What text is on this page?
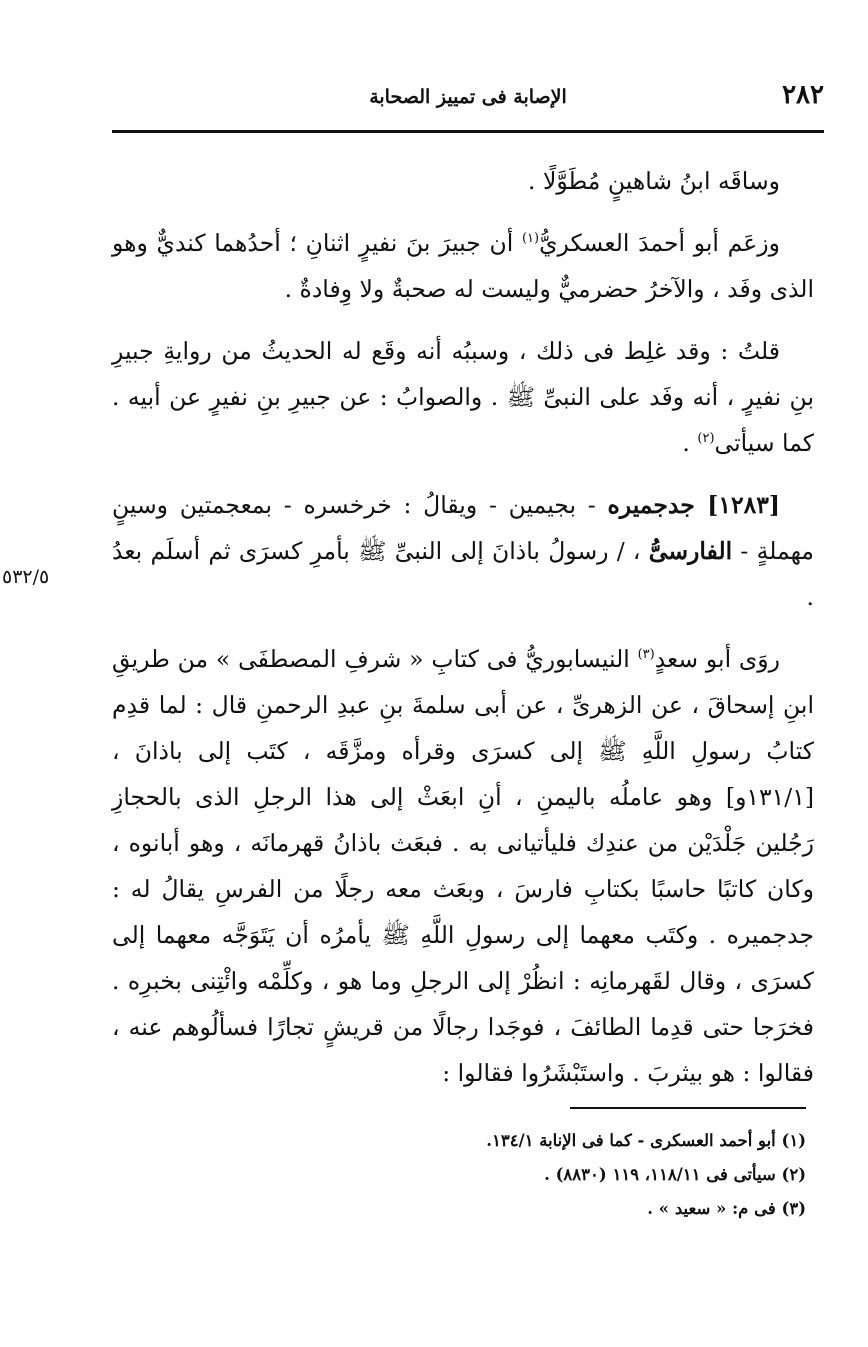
٢٨٢
الإصابة فى تمييز الصحابة
٥٣٢/٥

وساقَه ابنُ شاهينٍ مُطَوَّلًا .

وزعَم أبو أحمدَ العسكريُّ$^{(١)}$ أن جبيرَ بنَ نفيرٍ اثنانِ ؛ أحدُهما كنديٌّ وهو الذى وفَد ، والآخرُ حضرميٌّ وليست له صحبةٌ ولا وِفادةٌ .

قلتُ : وقد غلِط فى ذلك ، وسببُه أنه وقَع له الحديثُ من روايةِ جبيرِ بنِ نفيرٍ ، أنه وفَد على النبىِّ ﷺ . والصوابُ : عن جبيرِ بنِ نفيرٍ عن أبيه . كما سيأتى$^{(٢)}$ .

[١٢٨٣] جدجميره - بجيمين - ويقالُ : خرخسره - بمعجمتين وسينٍ مهملةٍ - الفارسىُّ ، / رسولُ باذانَ إلى النبىِّ ﷺ بأمرِ كسرَى ثم أسلَم بعدُ .

روَى أبو سعدٍ$^{(٣)}$ النيسابوريُّ فى كتابِ « شرفِ المصطفَى » من طريقِ ابنِ إسحاقَ ، عن الزهرىِّ ، عن أبى سلمةَ بنِ عبدِ الرحمنِ قال : لما قدِم كتابُ رسولِ اللَّهِ ﷺ إلى كسرَى وقرأه ومزَّقَه ، كتَب إلى باذانَ ، [١٣١/١و] وهو عاملُه باليمنِ ، أنِ ابعَثْ إلى هذا الرجلِ الذى بالحجازِ رَجُلين جَلْدَيْن من عندِك فليأتيانى به . فبعَث باذانُ قهرمانَه ، وهو أبانوه ، وكان كاتبًا حاسبًا بكتابِ فارسَ ، وبعَث معه رجلًا من الفرسِ يقالُ له : جدجميره . وكتَب معهما إلى رسولِ اللَّهِ ﷺ يأمرُه أن يَتَوَجَّه معهما إلى كسرَى ، وقال لقَهرمانِه : انظُرْ إلى الرجلِ وما هو ، وكلِّمْه وائْتِنى بخبرِه . فخرَجا حتى قدِما الطائفَ ، فوجَدا رجالًا من قريشٍ تجارًا فسألُوهم عنه ، فقالوا : هو بيثربَ . واستَبْشَرُوا فقالوا :

(١) أبو أحمد العسكرى - كما فى الإنابة ١٣٤/١.

(٢) سيأتى فى ١١٨/١١، ١١٩ (٨٨٣٠) .

(٣) فى م: « سعيد » .
